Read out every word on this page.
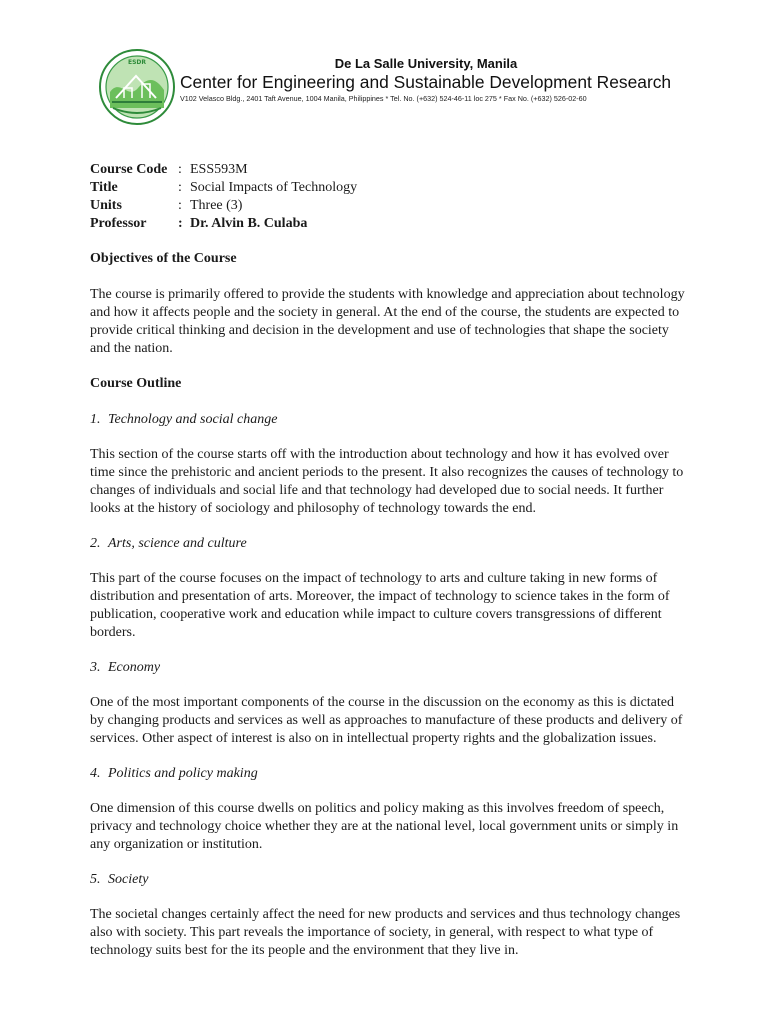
ESDR	De La Salle University, Manila
Center for Engineering and Sustainable Development Research
V102 Velasco Bldg., 2401 Taft Avenue, 1004 Manila, Philippines * Tel. No. (+632) 524-46-11 loc 275 * Fax No. (+632) 526-02-60
Course Code	:	ESS593M
Title	:	Social Impacts of Technology
Units	:	Three (3)
Professor	:	Dr. Alvin B. Culaba
Objectives of the Course

The course is primarily offered to provide the students with knowledge and appreciation about technology and how it affects people and the society in general. At the end of the course, the students are expected to provide critical thinking and decision in the development and use of technologies that shape the society and the nation.

Course Outline

1. Technology and social change

This section of the course starts off with the introduction about technology and how it has evolved over time since the prehistoric and ancient periods to the present. It also recognizes the causes of technology to changes of individuals and social life and that technology had developed due to social needs. It further looks at the history of sociology and philosophy of technology towards the end.

2. Arts, science and culture

This part of the course focuses on the impact of technology to arts and culture taking in new forms of distribution and presentation of arts. Moreover, the impact of technology to science takes in the form of publication, cooperative work and education while impact to culture covers transgressions of different borders.

3. Economy

One of the most important components of the course in the discussion on the economy as this is dictated by changing products and services as well as approaches to manufacture of these products and delivery of services. Other aspect of interest is also on in intellectual property rights and the globalization issues.

4. Politics and policy making

One dimension of this course dwells on politics and policy making as this involves freedom of speech, privacy and technology choice whether they are at the national level, local government units or simply in any organization or institution.

5. Society

The societal changes certainly affect the need for new products and services and thus technology changes also with society. This part reveals the importance of society, in general, with respect to what type of technology suits best for the its people and the environment that they live in.
